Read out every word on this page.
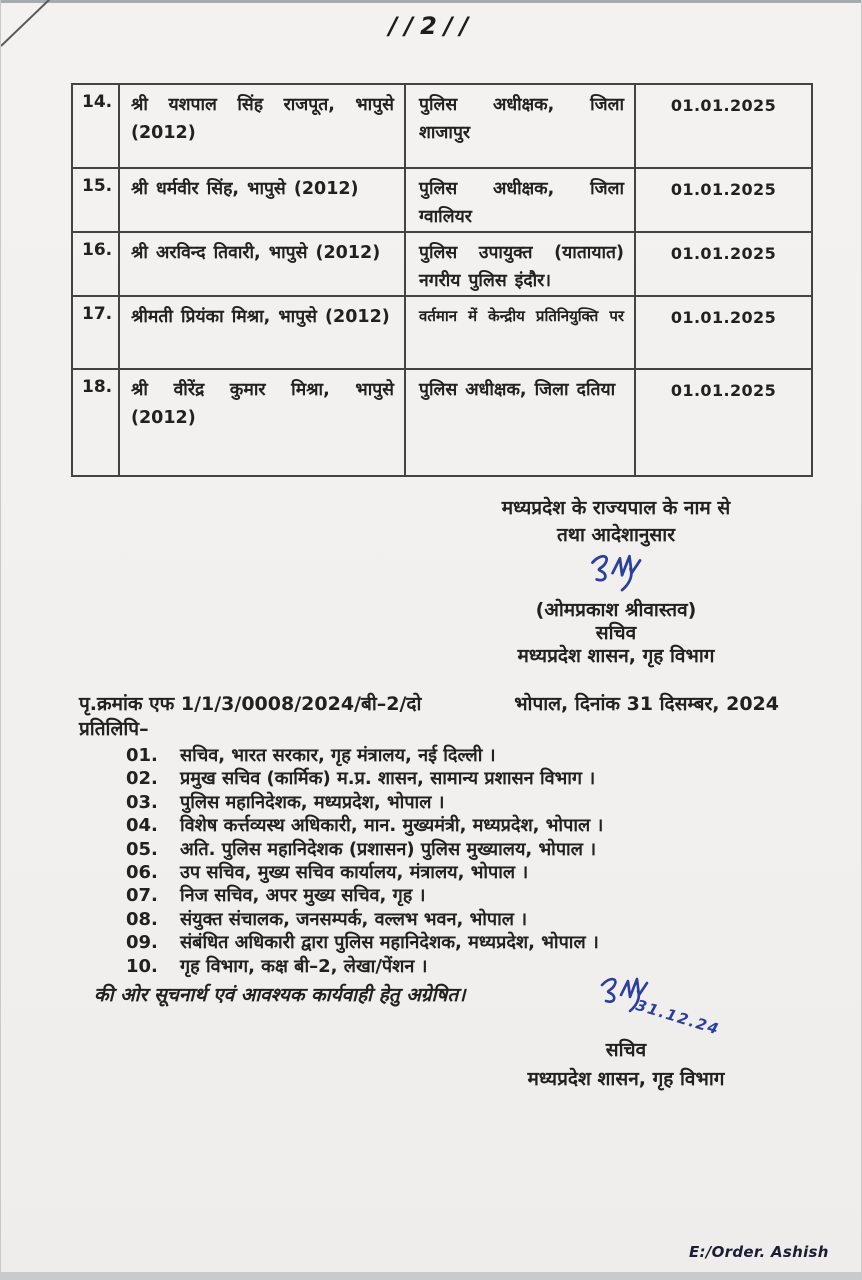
//2//
14.	श्री यशपाल सिंह राजपूत, भापुसे (2012)	पुलिस अधीक्षक, जिला शाजापुर	01.01.2025
15.	श्री धर्मवीर सिंह, भापुसे (2012)	पुलिस अधीक्षक, जिला ग्वालियर	01.01.2025
16.	श्री अरविन्द तिवारी, भापुसे (2012)	पुलिस उपायुक्त (यातायात) नगरीय पुलिस इंदौर।	01.01.2025
17.	श्रीमती प्रियंका मिश्रा, भापुसे (2012)	वर्तमान में केन्द्रीय प्रतिनियुक्ति पर	01.01.2025
18.	श्री वीरेंद्र कुमार मिश्रा, भापुसे (2012)	पुलिस अधीक्षक, जिला दतिया	01.01.2025
मध्यप्रदेश के राज्यपाल के नाम से
तथा आदेशानुसार
(ओमप्रकाश श्रीवास्तव)
सचिव
मध्यप्रदेश शासन, गृह विभाग
पृ.क्रमांक एफ 1/1/3/0008/2024/बी–2/दो	भोपाल, दिनांक 31 दिसम्बर, 2024
प्रतिलिपि–
01. सचिव, भारत सरकार, गृह मंत्रालय, नई दिल्ली ।
02. प्रमुख सचिव (कार्मिक) म.प्र. शासन, सामान्य प्रशासन विभाग ।
03. पुलिस महानिदेशक, मध्यप्रदेश, भोपाल ।
04. विशेष कर्त्तव्यस्थ अधिकारी, मान. मुख्यमंत्री, मध्यप्रदेश, भोपाल ।
05. अति. पुलिस महानिदेशक (प्रशासन) पुलिस मुख्यालय, भोपाल ।
06. उप सचिव, मुख्य सचिव कार्यालय, मंत्रालय, भोपाल ।
07. निज सचिव, अपर मुख्य सचिव, गृह ।
08. संयुक्त संचालक, जनसम्पर्क, वल्लभ भवन, भोपाल ।
09. संबंधित अधिकारी द्वारा पुलिस महानिदेशक, मध्यप्रदेश, भोपाल ।
10. गृह विभाग, कक्ष बी–2, लेखा/पेंशन ।
की ओर सूचनार्थ एवं आवश्यक कार्यवाही हेतु अग्रेषित।
31.12.24
सचिव
मध्यप्रदेश शासन, गृह विभाग
E:/Order. Ashish
